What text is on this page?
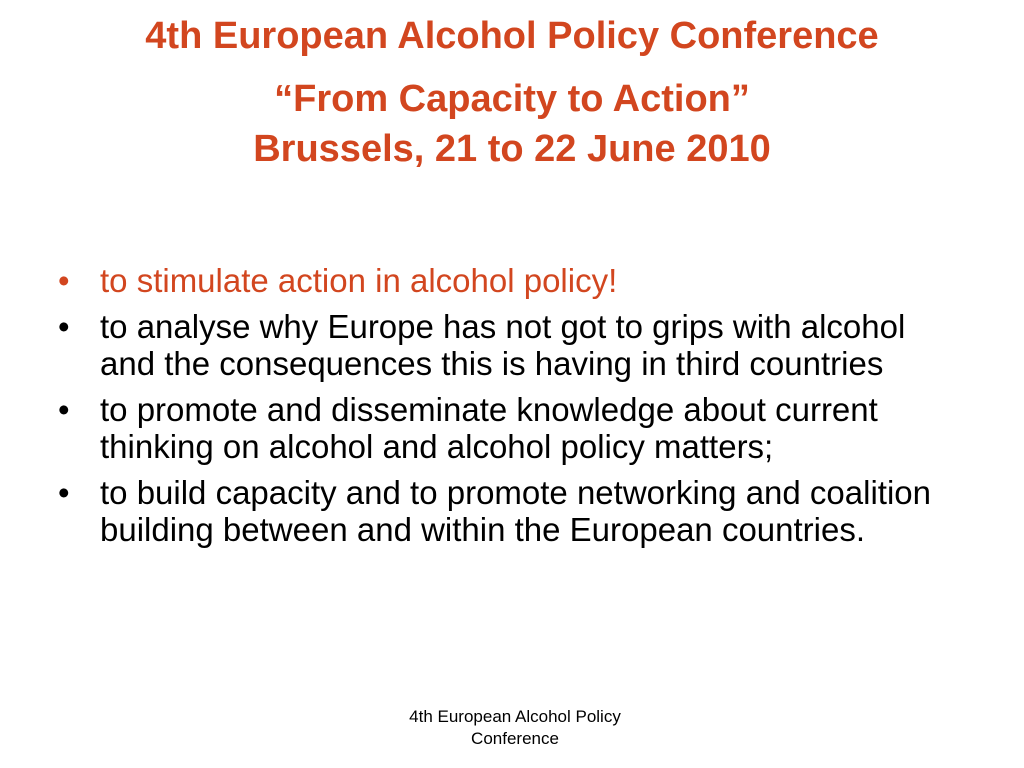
4th European Alcohol Policy Conference
“From Capacity to Action”
Brussels, 21 to 22 June 2010
• to stimulate action in alcohol policy!
• to analyse why Europe has not got to grips with alcohol and the consequences this is having in third countries
• to promote and disseminate knowledge about current thinking on alcohol and alcohol policy matters;
• to build capacity and to promote networking and coalition building between and within the European countries.
4th European Alcohol Policy
Conference
